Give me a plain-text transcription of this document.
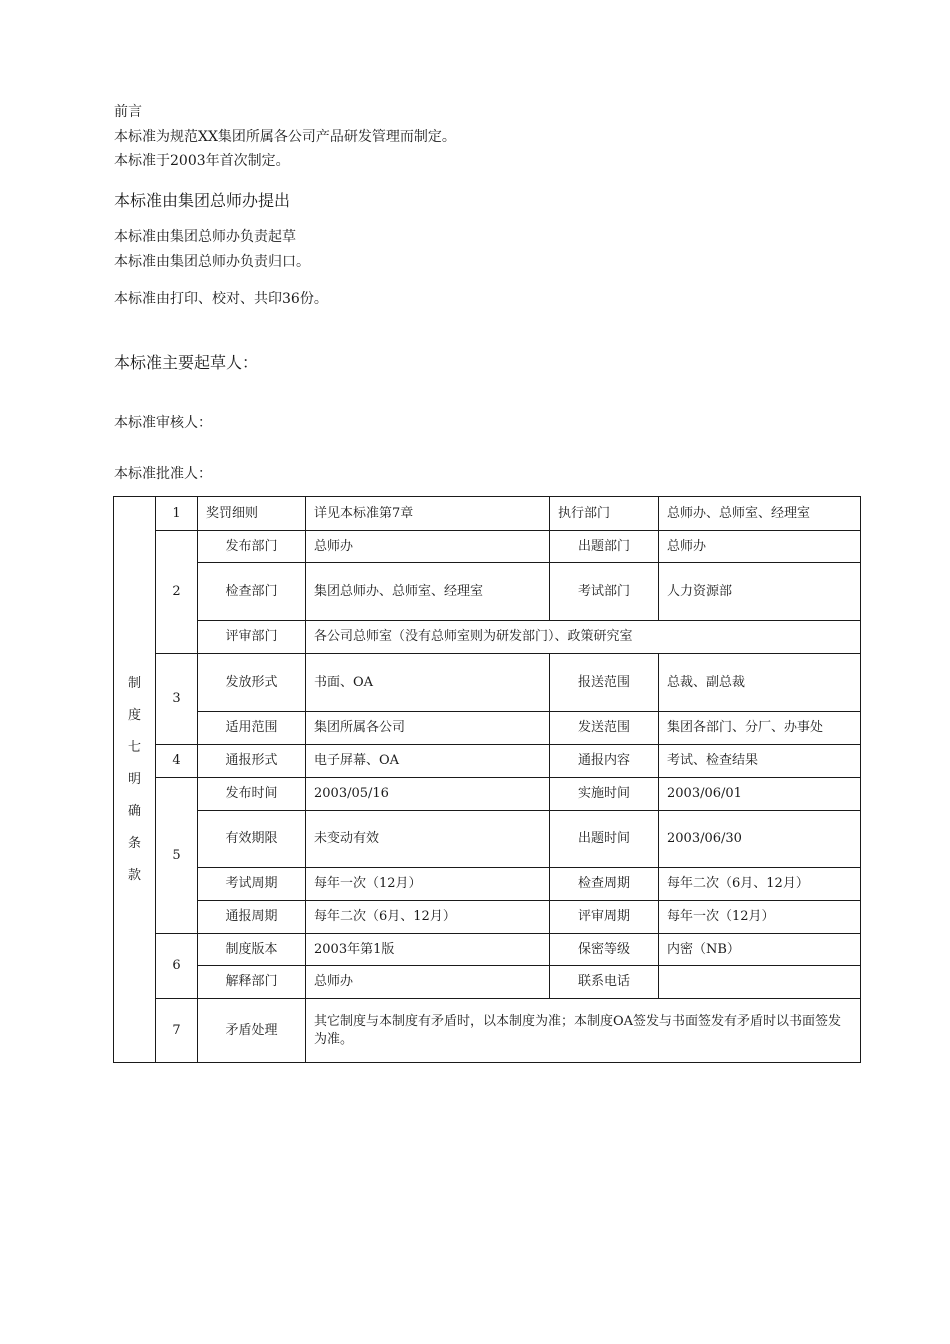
前言
本标准为规范XX集团所属各公司产品研发管理而制定。
本标准于2003年首次制定。
本标准由集团总师办提出
本标准由集团总师办负责起草
本标准由集团总师办负责归口。
本标准由打印、校对、共印36份。
本标准主要起草人：
本标准审核人：
本标准批准人：
制度七明确条款	1	奖罚细则	详见本标准第7章	执行部门	总师办、总师室、经理室
	2	发布部门	总师办	出题部门	总师办
		检查部门	集团总师办、总师室、经理室	考试部门	人力资源部
		评审部门	各公司总师室（没有总师室则为研发部门）、政策研究室		
	3	发放形式	书面、OA	报送范围	总裁、副总裁
		适用范围	集团所属各公司	发送范围	集团各部门、分厂、办事处
	4	通报形式	电子屏幕、OA	通报内容	考试、检查结果
	5	发布时间	2003/05/16	实施时间	2003/06/01
		有效期限	未变动有效	出题时间	2003/06/30
		考试周期	每年一次（12月）	检查周期	每年二次（6月、12月）
		通报周期	每年二次（6月、12月）	评审周期	每年一次（12月）
	6	制度版本	2003年第1版	保密等级	内密（NB）
		解释部门	总师办	联系电话	
	7	矛盾处理	其它制度与本制度有矛盾时，以本制度为准；本制度OA签发与书面签发有矛盾时以书面签发为准。		
